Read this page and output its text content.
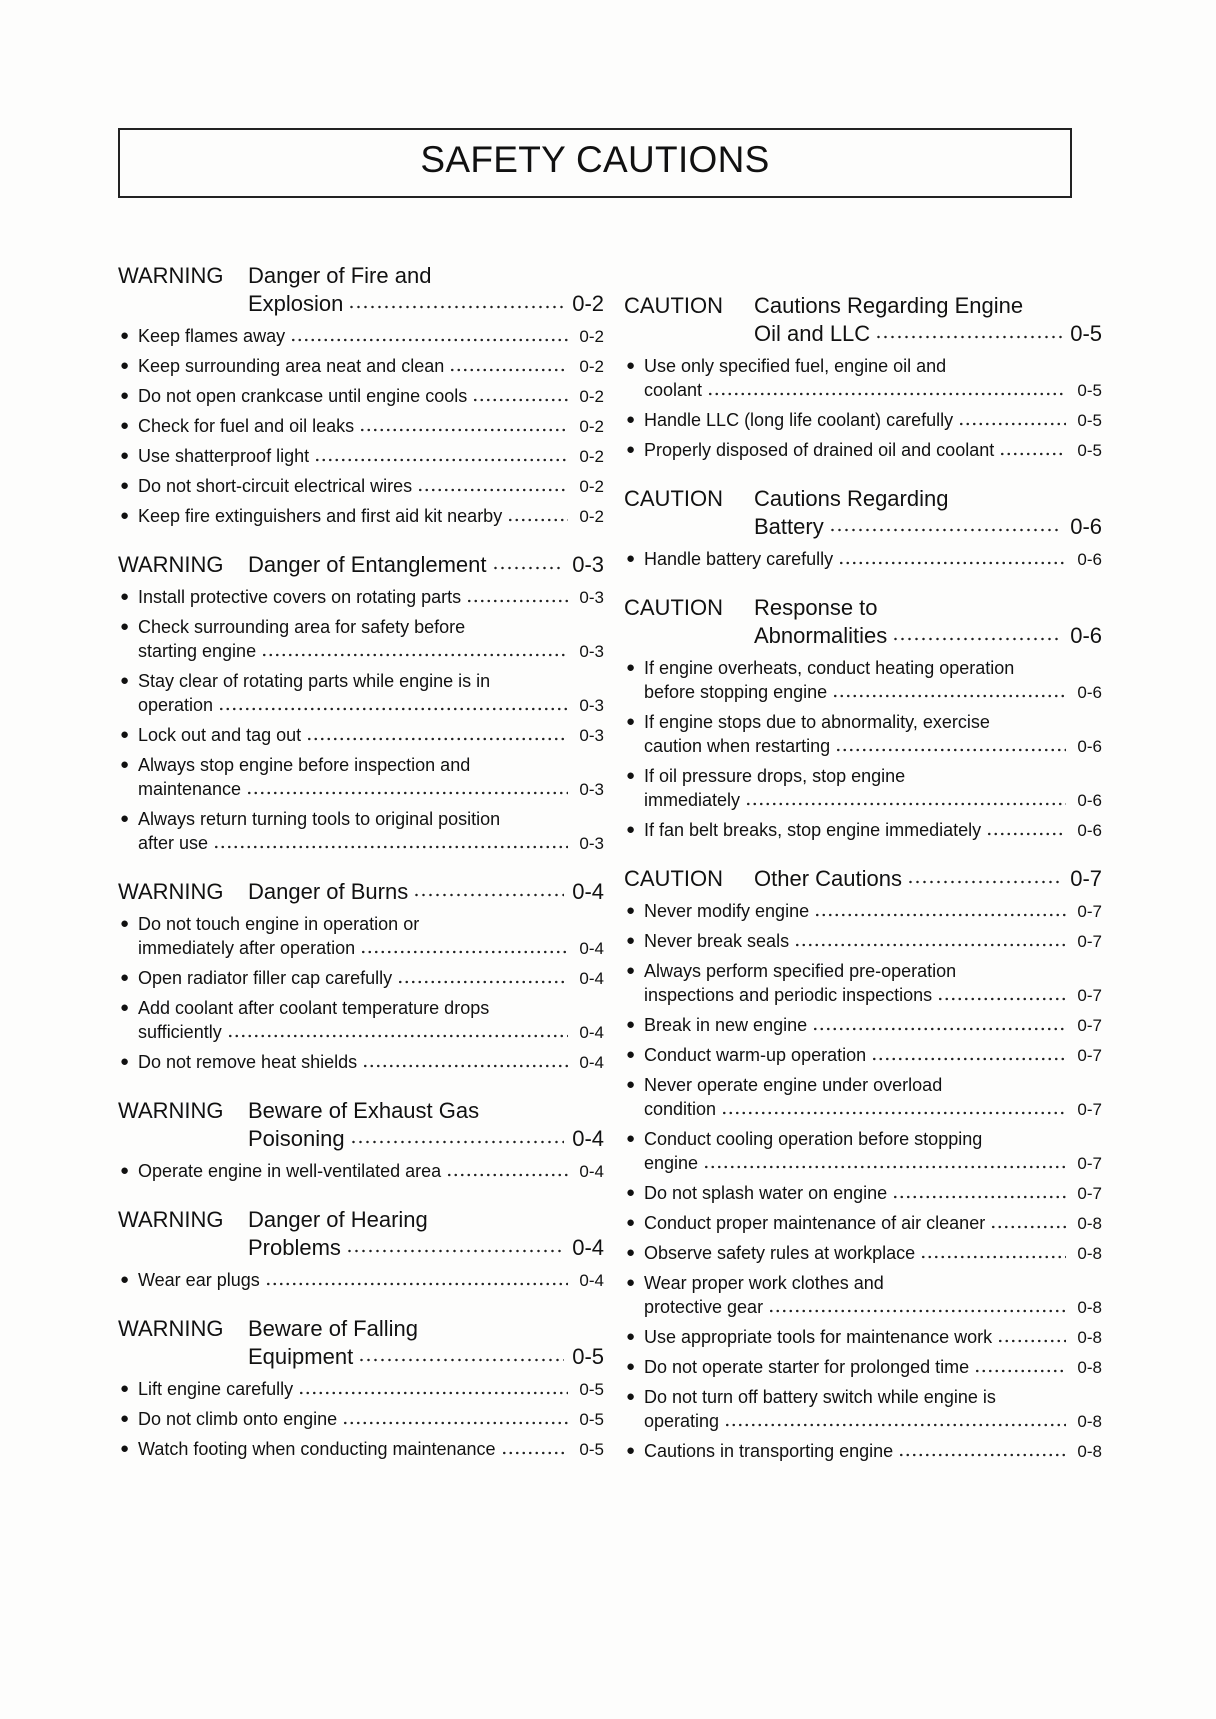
SAFETY CAUTIONS
WARNING	Danger of Fire and
Explosion	0-2
● Keep flames away	0-2
● Keep surrounding area neat and clean	0-2
● Do not open crankcase until engine cools	0-2
● Check for fuel and oil leaks	0-2
● Use shatterproof light	0-2
● Do not short-circuit electrical wires	0-2
● Keep fire extinguishers and first aid kit nearby	0-2
WARNING	Danger of Entanglement	0-3
● Install protective covers on rotating parts	0-3
● Check surrounding area for safety before
starting engine	0-3
● Stay clear of rotating parts while engine is in
operation	0-3
● Lock out and tag out	0-3
● Always stop engine before inspection and
maintenance	0-3
● Always return turning tools to original position
after use	0-3
WARNING	Danger of Burns	0-4
● Do not touch engine in operation or
immediately after operation	0-4
● Open radiator filler cap carefully	0-4
● Add coolant after coolant temperature drops
sufficiently	0-4
● Do not remove heat shields	0-4
WARNING	Beware of Exhaust Gas
Poisoning	0-4
● Operate engine in well-ventilated area	0-4
WARNING	Danger of Hearing
Problems	0-4
● Wear ear plugs	0-4
WARNING	Beware of Falling
Equipment	0-5
● Lift engine carefully	0-5
● Do not climb onto engine	0-5
● Watch footing when conducting maintenance	0-5
CAUTION	Cautions Regarding Engine
Oil and LLC	0-5
● Use only specified fuel, engine oil and
coolant	0-5
● Handle LLC (long life coolant) carefully	0-5
● Properly disposed of drained oil and coolant	0-5
CAUTION	Cautions Regarding
Battery	0-6
● Handle battery carefully	0-6
CAUTION	Response to
Abnormalities	0-6
● If engine overheats, conduct heating operation
before stopping engine	0-6
● If engine stops due to abnormality, exercise
caution when restarting	0-6
● If oil pressure drops, stop engine
immediately	0-6
● If fan belt breaks, stop engine immediately	0-6
CAUTION	Other Cautions	0-7
● Never modify engine	0-7
● Never break seals	0-7
● Always perform specified pre-operation
inspections and periodic inspections	0-7
● Break in new engine	0-7
● Conduct warm-up operation	0-7
● Never operate engine under overload
condition	0-7
● Conduct cooling operation before stopping
engine	0-7
● Do not splash water on engine	0-7
● Conduct proper maintenance of air cleaner	0-8
● Observe safety rules at workplace	0-8
● Wear proper work clothes and
protective gear	0-8
● Use appropriate tools for maintenance work	0-8
● Do not operate starter for prolonged time	0-8
● Do not turn off battery switch while engine is
operating	0-8
● Cautions in transporting engine	0-8
